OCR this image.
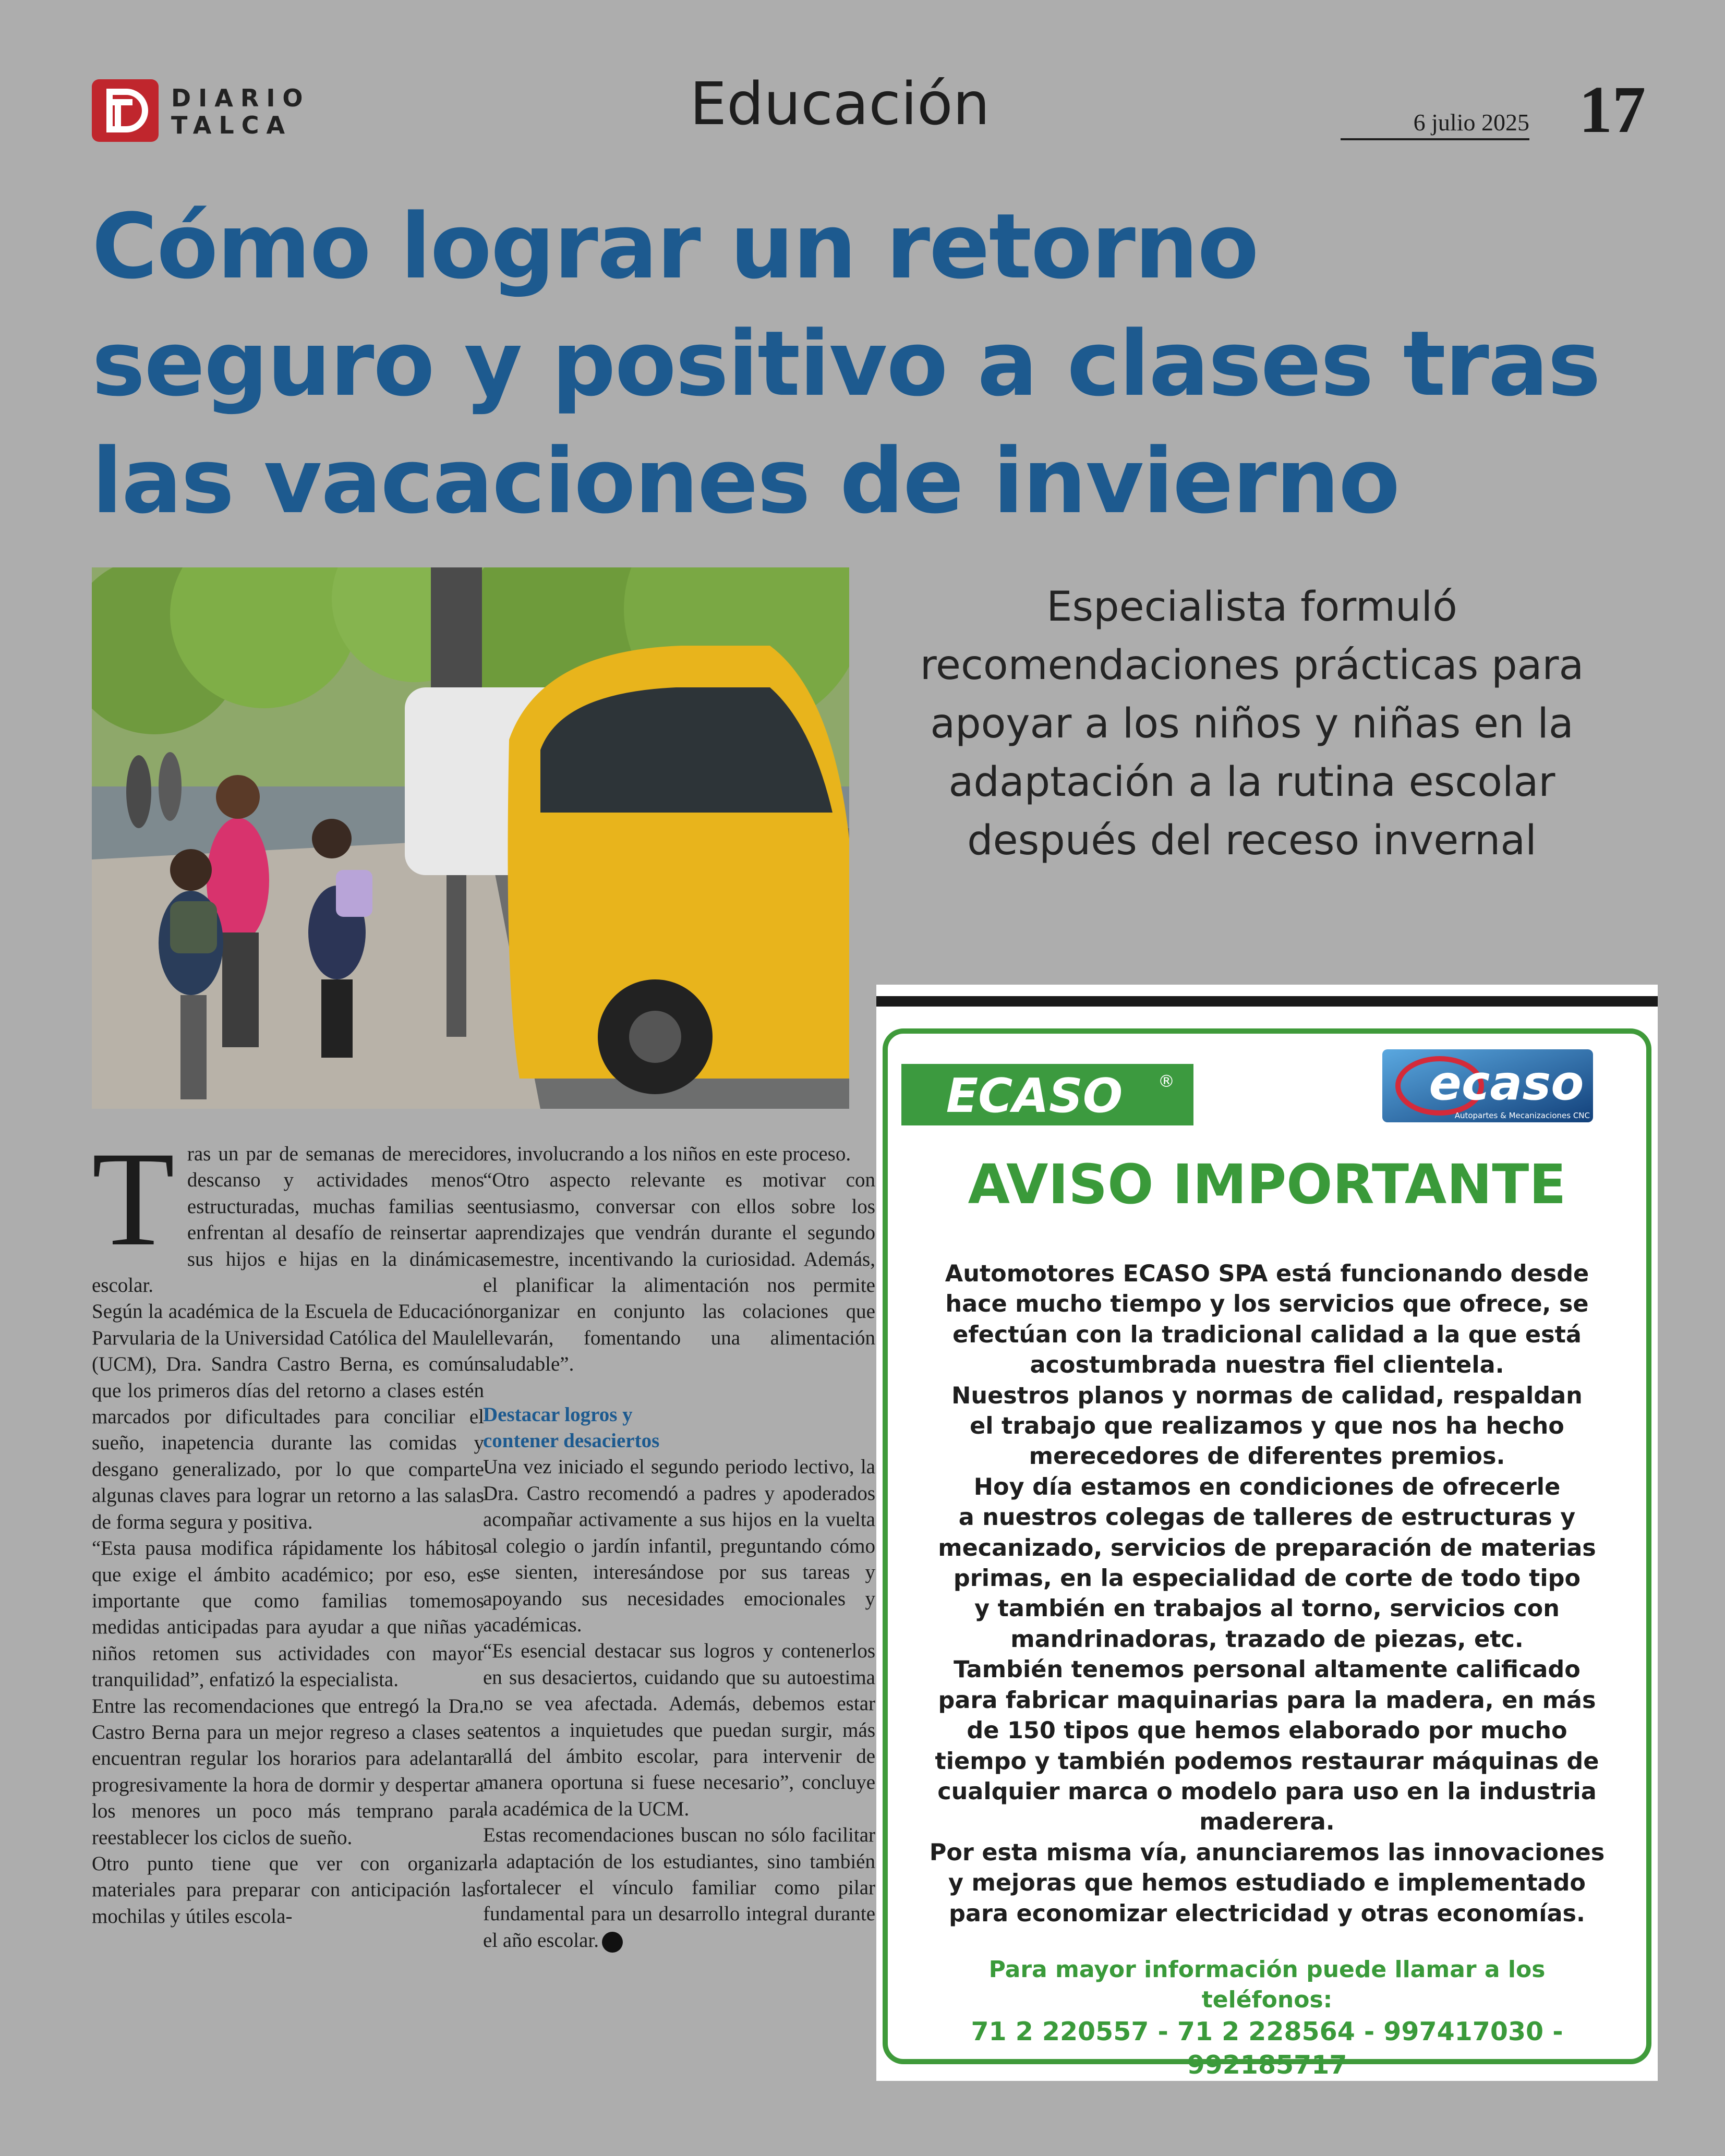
DIARIO
TALCA	Educación	6 julio 2025 17
Cómo lograr un retorno
seguro y positivo a clases tras
las vacaciones de invierno
Especialista formuló
recomendaciones prácticas para
apoyar a los niños y niñas en la
adaptación a la rutina escolar
después del receso invernal

Tras un par de semanas de merecido descanso y actividades menos estructuradas, muchas familias se enfrentan al desafío de reinsertar a sus hijos e hijas en la dinámica escolar.

Según la académica de la Escuela de Educación Parvularia de la Universidad Católica del Maule (UCM), Dra. Sandra Castro Berna, es común que los primeros días del retorno a clases estén marcados por dificultades para conciliar el sueño, inapetencia durante las comidas y desgano generalizado, por lo que comparte algunas claves para lograr un retorno a las salas de forma segura y positiva.

“Esta pausa modifica rápidamente los hábitos que exige el ámbito académico; por eso, es importante que como familias tomemos medidas anticipadas para ayudar a que niñas y niños retomen sus actividades con mayor tranquilidad”, enfatizó la especialista.

Entre las recomendaciones que entregó la Dra. Castro Berna para un mejor regreso a clases se encuentran regular los horarios para adelantar progresivamente la hora de dormir y despertar a los menores un poco más temprano para reestablecer los ciclos de sueño.

Otro punto tiene que ver con organizar materiales para preparar con anticipación las mochilas y útiles escola-

res, involucrando a los niños en este proceso.

“Otro aspecto relevante es motivar con entusiasmo, conversar con ellos sobre los aprendizajes que vendrán durante el segundo semestre, incentivando la curiosidad. Además, el planificar la alimentación nos permite organizar en conjunto las colaciones que llevarán, fomentando una alimentación saludable”.

Destacar logros y
contener desaciertos

Una vez iniciado el segundo periodo lectivo, la Dra. Castro recomendó a padres y apoderados acompañar activamente a sus hijos en la vuelta al colegio o jardín infantil, preguntando cómo se sienten, interesándose por sus tareas y apoyando sus necesidades emocionales y académicas.

“Es esencial destacar sus logros y contenerlos en sus desaciertos, cuidando que su autoestima no se vea afectada. Además, debemos estar atentos a inquietudes que puedan surgir, más allá del ámbito escolar, para intervenir de manera oportuna si fuese necesario”, concluye la académica de la UCM.

Estas recomendaciones buscan no sólo facilitar la adaptación de los estudiantes, sino también fortalecer el vínculo familiar como pilar fundamental para un desarrollo integral durante el año escolar.

ECASO ®	ecaso
Autopartes & Mecanizaciones CNC
AVISO IMPORTANTE

Automotores ECASO SPA está funcionando desde

hace mucho tiempo y los servicios que ofrece, se

efectúan con la tradicional calidad a la que está

acostumbrada nuestra fiel clientela.

Nuestros planos y normas de calidad, respaldan

el trabajo que realizamos y que nos ha hecho

merecedores de diferentes premios.

Hoy día estamos en condiciones de ofrecerle

a nuestros colegas de talleres de estructuras y

mecanizado, servicios de preparación de materias

primas, en la especialidad de corte de todo tipo

y también en trabajos al torno, servicios con

mandrinadoras, trazado de piezas, etc.

También tenemos personal altamente calificado

para fabricar maquinarias para la madera, en más

de 150 tipos que hemos elaborado por mucho

tiempo y también podemos restaurar máquinas de

cualquier marca o modelo para uso en la industria

maderera.

Por esta misma vía, anunciaremos las innovaciones

y mejoras que hemos estudiado e implementado

para economizar electricidad y otras economías.

Para mayor información puede llamar a los
teléfonos:
71 2 220557 - 71 2 228564 - 997417030 - 992185717
